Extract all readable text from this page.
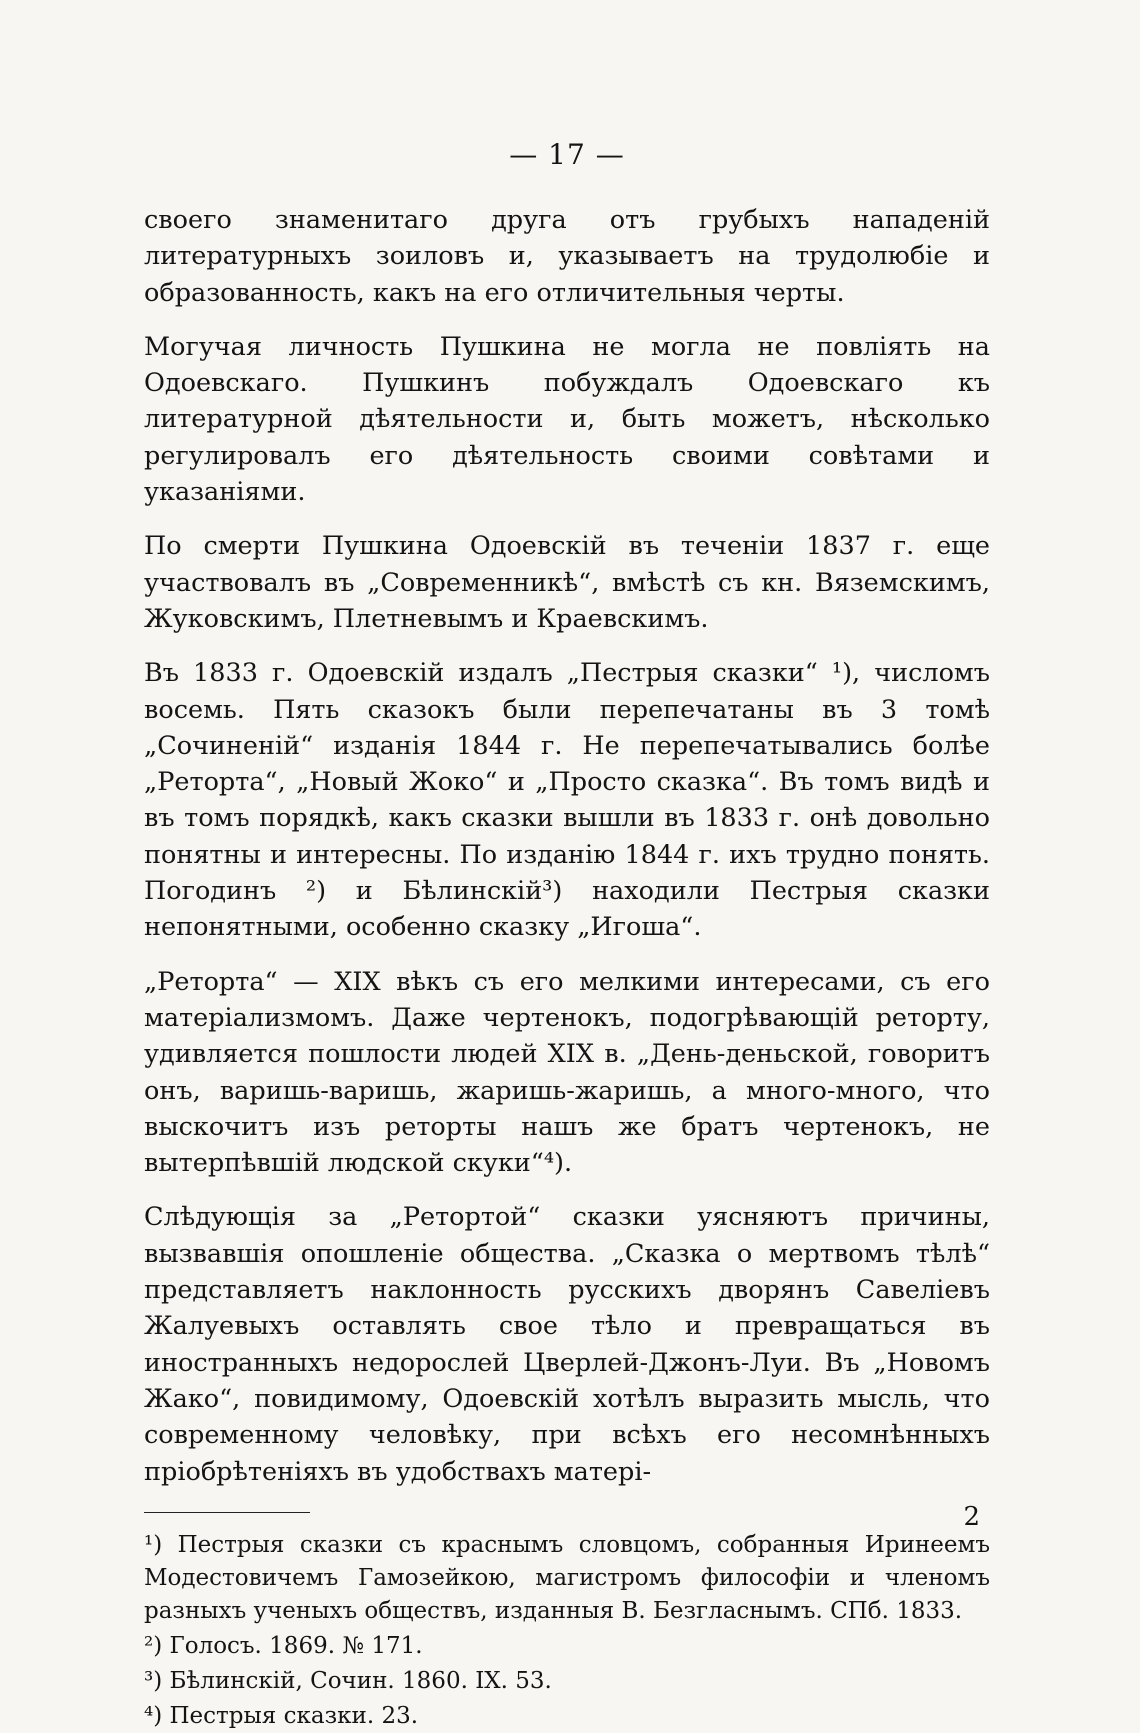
— 17 —

своего знаменитаго друга отъ грубыхъ нападеній литературныхъ зоиловъ и, указываетъ на трудолюбіе и образованность, какъ на его отличительныя черты.

Могучая личность Пушкина не могла не повліять на Одоевскаго. Пушкинъ побуждалъ Одоевскаго къ литературной дѣятельности и, быть можетъ, нѣсколько регулировалъ его дѣятельность своими совѣтами и указаніями.

По смерти Пушкина Одоевскій въ теченіи 1837 г. еще участвовалъ въ „Современникѣ“, вмѣстѣ съ кн. Вяземскимъ, Жуковскимъ, Плетневымъ и Краевскимъ.

Въ 1833 г. Одоевскій издалъ „Пестрыя сказки“ ¹), числомъ восемь. Пять сказокъ были перепечатаны въ 3 томѣ „Сочиненій“ изданія 1844 г. Не перепечатывались болѣе „Реторта“, „Новый Жоко“ и „Просто сказка“. Въ томъ видѣ и въ томъ порядкѣ, какъ сказки вышли въ 1833 г. онѣ довольно понятны и интересны. По изданію 1844 г. ихъ трудно понять. Погодинъ ²) и Бѣлинскій³) находили Пестрыя сказки непонятными, особенно сказку „Игоша“.

„Реторта“ — XIX вѣкъ съ его мелкими интересами, съ его матеріализмомъ. Даже чертенокъ, подогрѣвающій реторту, удивляется пошлости людей XIX в. „День-деньской, говоритъ онъ, варишь-варишь, жаришь-жаришь, а много-много, что выскочитъ изъ реторты нашъ же братъ чертенокъ, не вытерпѣвшій людской скуки“⁴).

Слѣдующія за „Ретортой“ сказки уясняютъ причины, вызвавшія опошленіе общества. „Сказка о мертвомъ тѣлѣ“ представляетъ наклонность русскихъ дворянъ Савеліевъ Жалуевыхъ оставлять свое тѣло и превращаться въ иностранныхъ недорослей Цверлей-Джонъ-Луи. Въ „Новомъ Жако“, повидимому, Одоевскій хотѣлъ выразить мысль, что современному человѣку, при всѣхъ его несомнѣнныхъ пріобрѣтеніяхъ въ удобствахъ матері-

¹) Пестрыя сказки съ краснымъ словцомъ, собранныя Иринеемъ Модестовичемъ Гамозейкою, магистромъ философіи и членомъ разныхъ ученыхъ обществъ, изданныя В. Безгласнымъ. СПб. 1833.

²) Голосъ. 1869. № 171.

³) Бѣлинскій, Сочин. 1860. IX. 53.

⁴) Пестрыя сказки. 23.

2
